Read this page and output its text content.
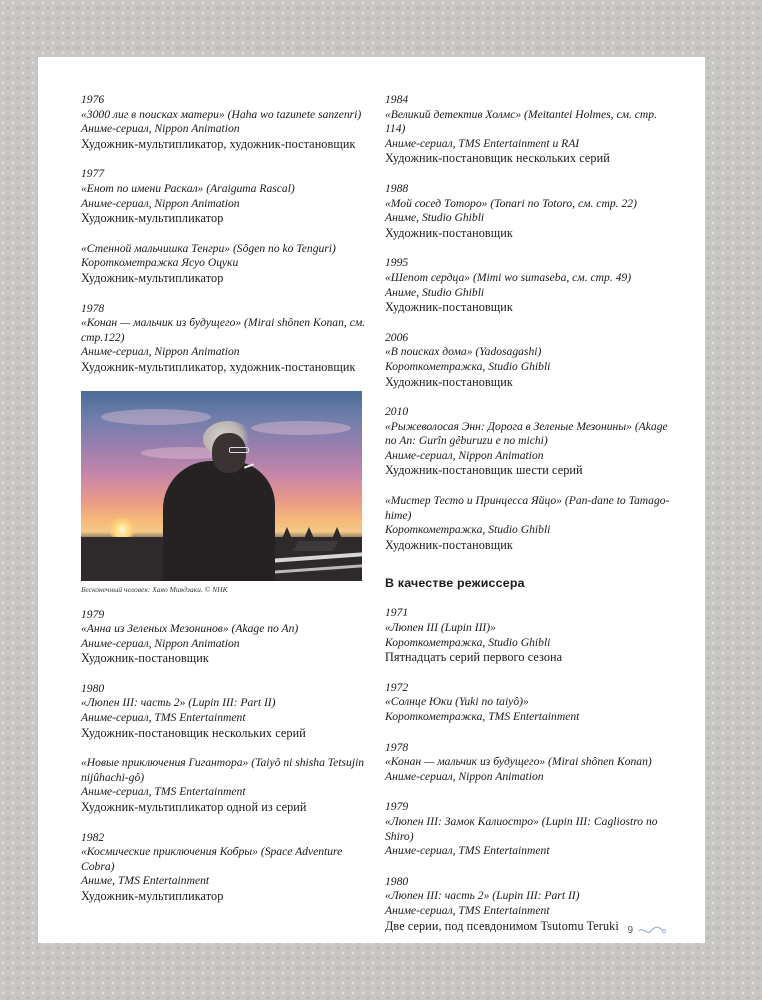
1976
«3000 лиг в поисках матери» (Haha wo tazunete sanzenri)
Аниме-сериал, Nippon Animation
Художник-мультипликатор, художник-постановщик
1977
«Енот по имени Раскал» (Araiguma Rascal)
Аниме-сериал, Nippon Animation
Художник-мультипликатор
«Стенной мальчишка Тенгри» (Sôgen no ko Tenguri)
Короткометражка Ясуо Оцуки
Художник-мультипликатор
1978
«Конан — мальчик из будущего» (Mirai shônen Konan, см. стр.122)
Аниме-сериал, Nippon Animation
Художник-мультипликатор, художник-постановщик
Бесконечный человек: Хаяо Миядзаки. © NHK
1979
«Анна из Зеленых Мезонинов» (Akage no An)
Аниме-сериал, Nippon Animation
Художник-постановщик
1980
«Люпен III: часть 2» (Lupin III: Part II)
Аниме-сериал, TMS Entertainment
Художник-постановщик нескольких серий
«Новые приключения Гигантора» (Taiyô ni shisha Tetsujin nijûhachi-gô)
Аниме-сериал, TMS Entertainment
Художник-мультипликатор одной из серий
1982
«Космические приключения Кобры» (Space Adventure Cobra)
Аниме, TMS Entertainment
Художник-мультипликатор
1984
«Великий детектив Холмс» (Meitantei Holmes, см. стр. 114)
Аниме-сериал, TMS Entertainment и RAI
Художник-постановщик нескольких серий
1988
«Мой сосед Тоторо» (Tonari no Totoro, см. стр. 22)
Аниме, Studio Ghibli
Художник-постановщик
1995
«Шепот сердца» (Mimi wo sumaseba, см. стр. 49)
Аниме, Studio Ghibli
Художник-постановщик
2006
«В поисках дома» (Yadosagashi)
Короткометражка, Studio Ghibli
Художник-постановщик
2010
«Рыжеволосая Энн: Дорога в Зеленые Мезонины» (Akage no An: Gurîn gêburuzu e no michi)
Аниме-сериал, Nippon Animation
Художник-постановщик шести серий
«Мистер Тесто и Принцесса Яйцо» (Pan-dane to Tamago-hime)
Короткометражка, Studio Ghibli
Художник-постановщик
В качестве режиссера
1971
«Люпен III (Lupin III)»
Короткометражка, Studio Ghibli
Пятнадцать серий первого сезона
1972
«Солнце Юки (Yuki no taiyô)»
Короткометражка, TMS Entertainment
1978
«Конан — мальчик из будущего» (Mirai shônen Konan)
Аниме-сериал, Nippon Animation
1979
«Люпен III: Замок Калиостро» (Lupin III: Cagliostro no Shiro)
Аниме-сериал, TMS Entertainment
1980
«Люпен III: часть 2» (Lupin III: Part II)
Аниме-сериал, TMS Entertainment
Две серии, под псевдонимом Tsutomu Teruki 9
